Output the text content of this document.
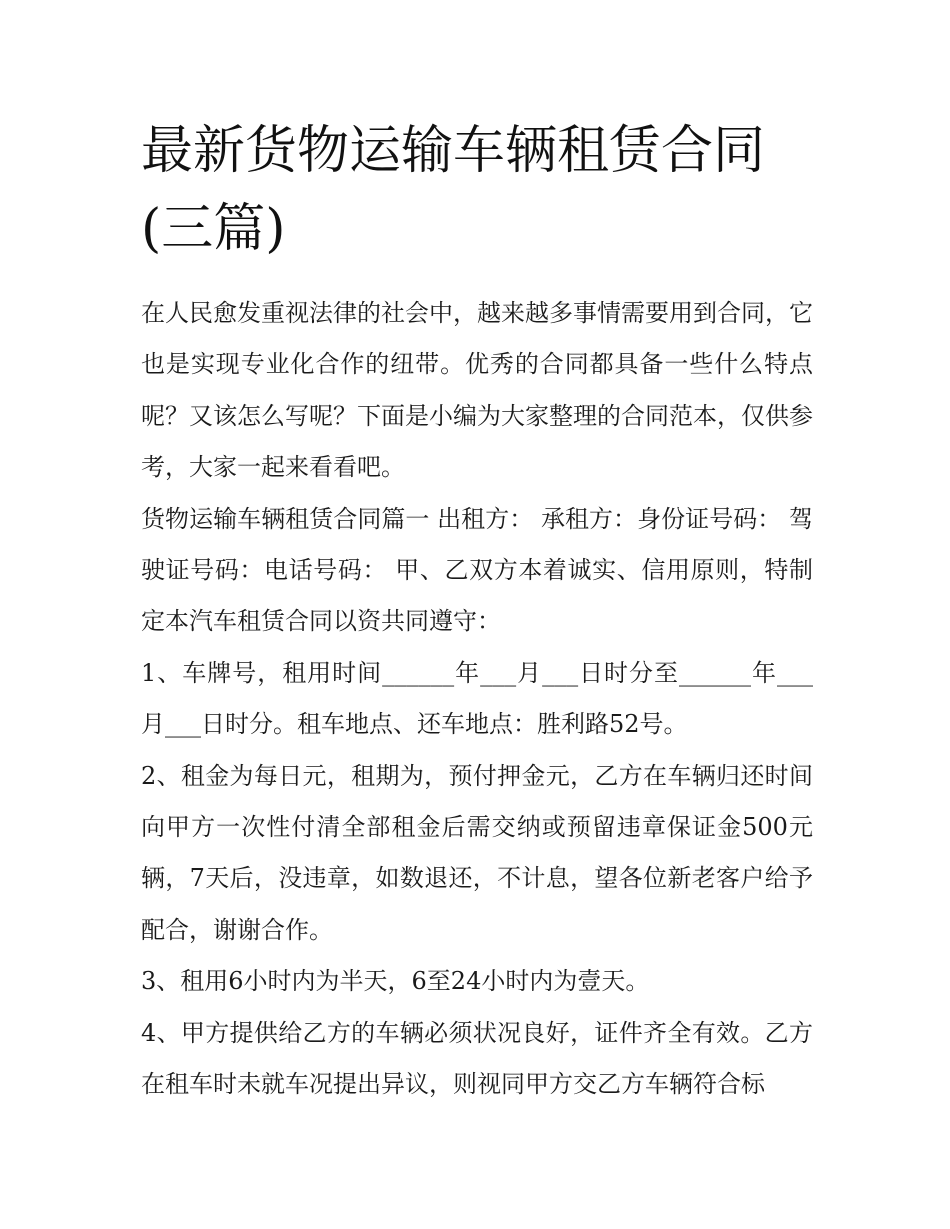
最新货物运输车辆租赁合同(三篇)

在人民愈发重视法律的社会中，越来越多事情需要用到合同，它也是实现专业化合作的纽带。优秀的合同都具备一些什么特点呢？又该怎么写呢？下面是小编为大家整理的合同范本，仅供参考，大家一起来看看吧。

货物运输车辆租赁合同篇一 出租方： 承租方：身份证号码： 驾驶证号码：电话号码： 甲、乙双方本着诚实、信用原则，特制定本汽车租赁合同以资共同遵守：

1、车牌号，租用时间______年___月___日时分至______年___月___日时分。租车地点、还车地点：胜利路52号。

2、租金为每日元，租期为，预付押金元，乙方在车辆归还时间向甲方一次性付清全部租金后需交纳或预留违章保证金500元辆，7天后，没违章，如数退还，不计息，望各位新老客户给予配合，谢谢合作。

3、租用6小时内为半天，6至24小时内为壹天。

4、甲方提供给乙方的车辆必须状况良好，证件齐全有效。乙方在租车时未就车况提出异议，则视同甲方交乙方车辆符合标
